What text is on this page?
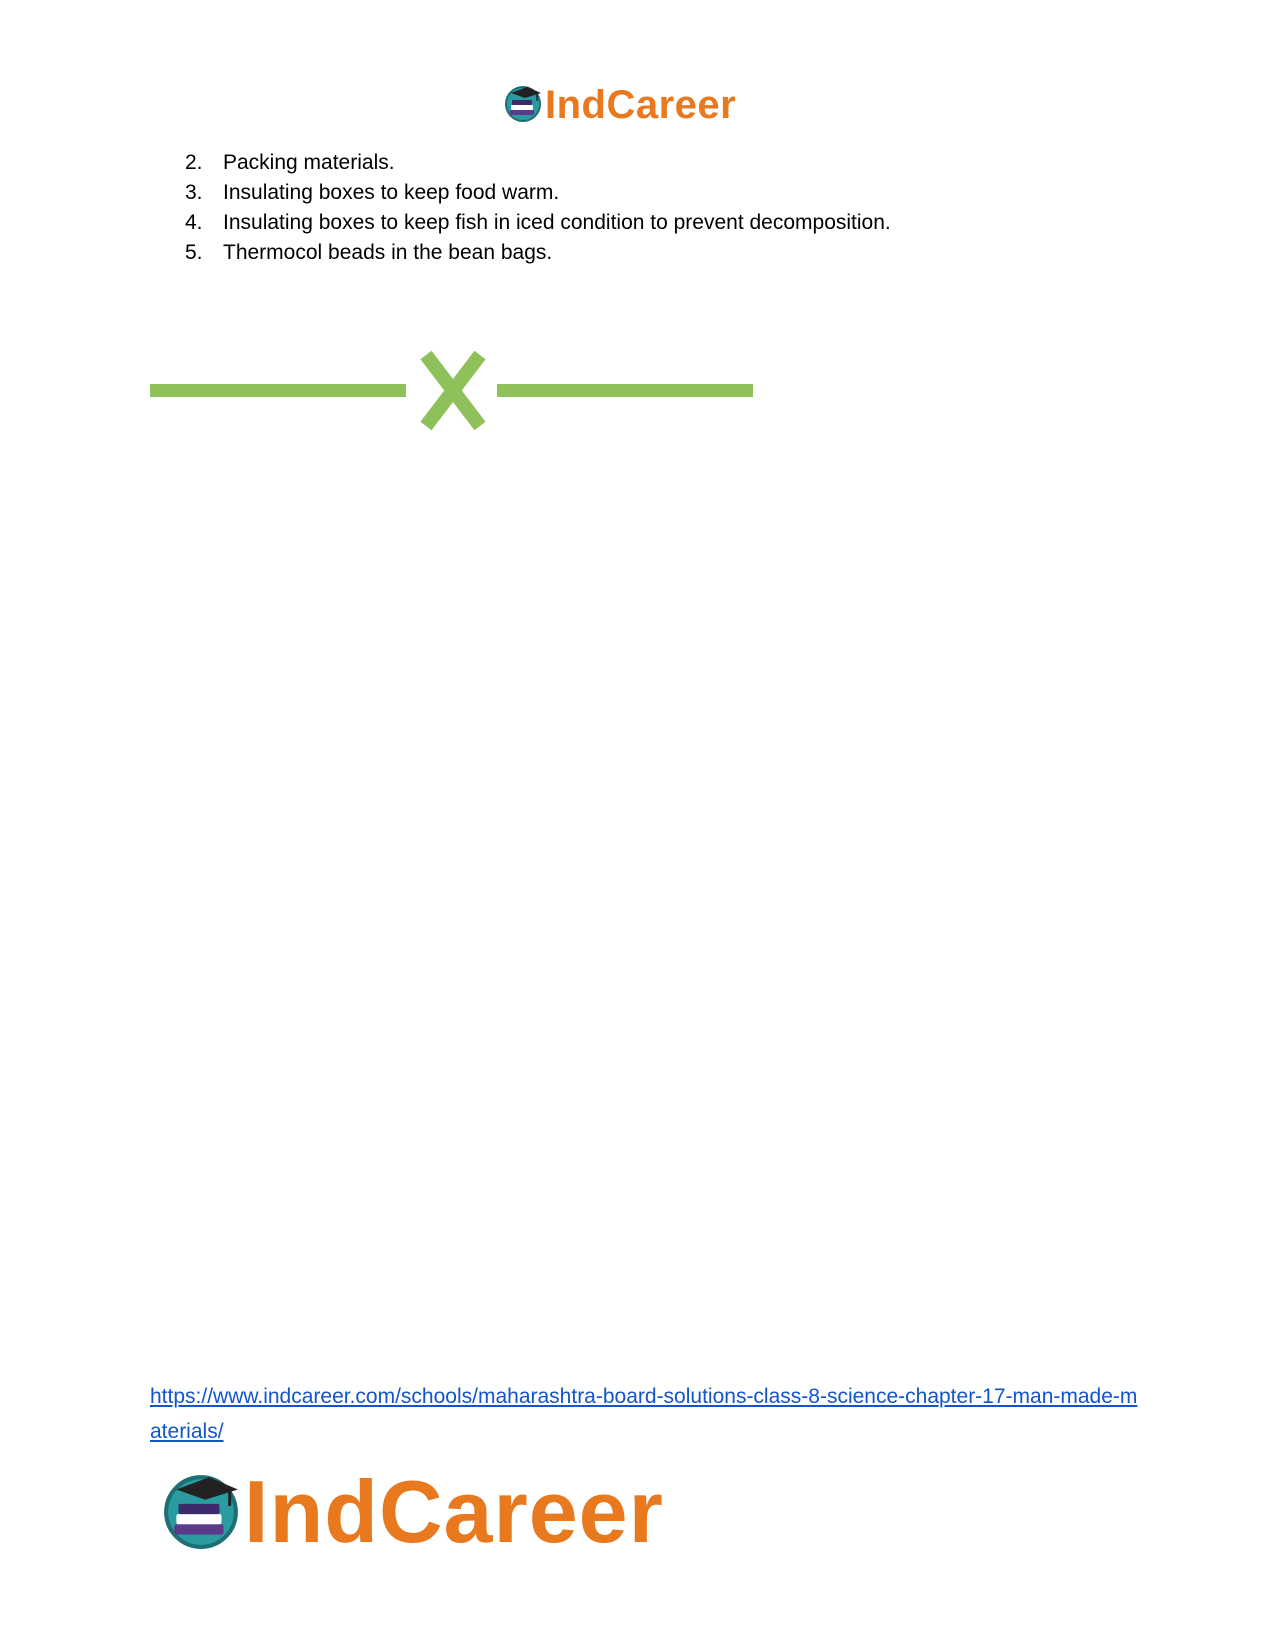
IndCareer
2. Packing materials.
3. Insulating boxes to keep food warm.
4. Insulating boxes to keep fish in iced condition to prevent decomposition.
5. Thermocol beads in the bean bags.
https://www.indcareer.com/schools/maharashtra-board-solutions-class-8-science-chapter-17-man-made-materials/
IndCareer
